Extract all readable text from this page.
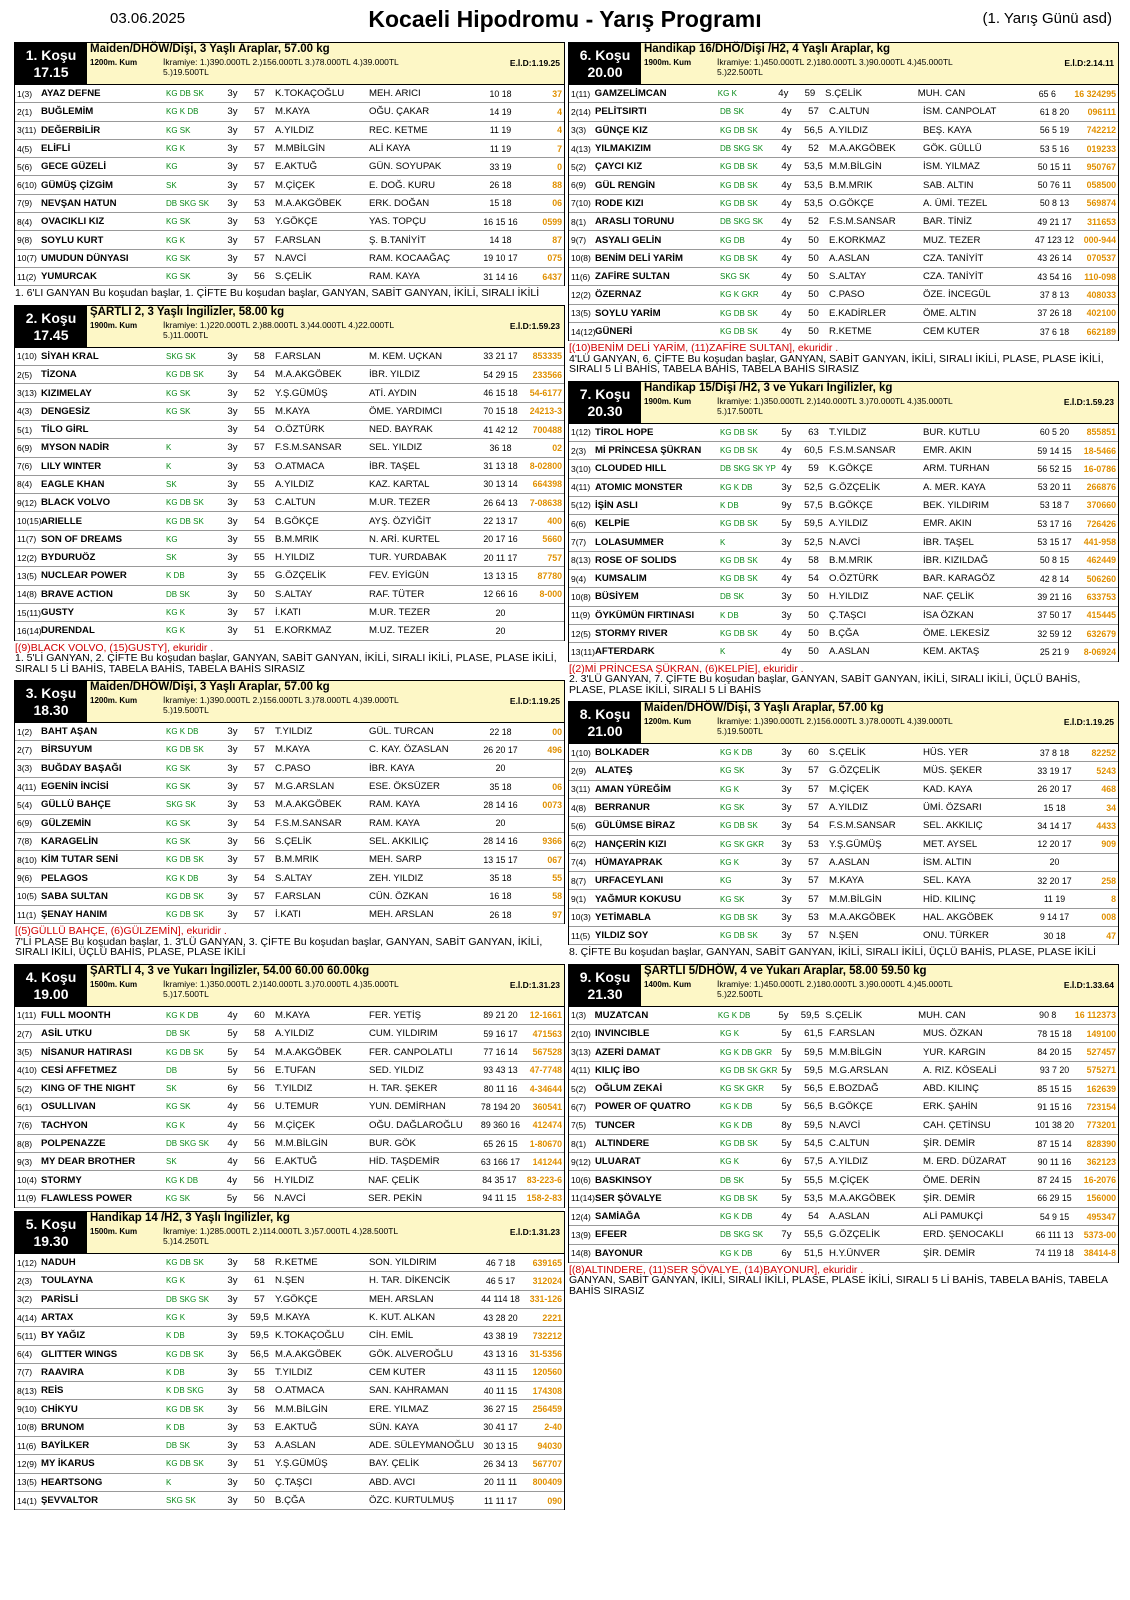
03.06.2025	Kocaeli Hipodromu - Yarış Programı	(1. Yarış Günü asd)
1. Koşu
17.15
Maiden/DHÖW/Dişi, 3 Yaşlı Araplar, 57.00 kg
1200m. Kum	İkramiye: 1.)390.000TL 2.)156.000TL 3.)78.000TL 4.)39.000TL
5.)19.500TL
E.İ.D:1.19.25
1(3) AYAZ DEFNE	KG DB SK	3y	57	K.TOKAÇOĞLU	MEH. ARICI	10 18	37
2(1) BUĞLEMİM	KG K DB	3y	57	M.KAYA	OĞU. ÇAKAR	14 19	4
3(11) DEĞERBİLİR	KG SK	3y	57	A.YILDIZ	REC. KETME	11 19	4
4(5) ELİFLİ	KG K	3y	57	M.MBİLGİN	ALİ KAYA	11 19	7
5(6) GECE GÜZELİ	KG	3y	57	E.AKTUĞ	GÜN. SOYUPAK	33 19	0
6(10) GÜMÜŞ ÇİZGİM	SK	3y	57	M.ÇİÇEK	E. DOĞ. KURU	26 18	88
7(9) NEVŞAN HATUN	DB SKG SK	3y	53	M.A.AKGÖBEK	ERK. DOĞAN	15 18	06
8(4) OVACIKLI KIZ	KG SK	3y	53	Y.GÖKÇE	YAS. TOPÇU	16 15 16	0599
9(8) SOYLU KURT	KG K	3y	57	F.ARSLAN	Ş. B.TANİYİT	14 18	87
10(7) UMUDUN DÜNYASI	KG SK	3y	57	N.AVCİ	RAM. KOCAAĞAÇ	19 10 17	075
11(2) YUMURCAK	KG SK	3y	56	S.ÇELİK	RAM. KAYA	31 14 16	6437
1. 6'LI GANYAN Bu koşudan başlar, 1. ÇİFTE Bu koşudan başlar, GANYAN, SABİT GANYAN, İKİLİ, SIRALI İKİLİ
2. Koşu
17.45
ŞARTLI 2, 3 Yaşlı İngilizler, 58.00 kg
1900m. Kum	İkramiye: 1.)220.000TL 2.)88.000TL 3.)44.000TL 4.)22.000TL
5.)11.000TL
E.İ.D:1.59.23
1(10) SİYAH KRAL	SKG SK	3y	58	F.ARSLAN	M. KEM. UÇKAN	33 21 17	853335
2(5) TİZONA	KG DB SK	3y	54	M.A.AKGÖBEK	İBR. YILDIZ	54 29 15	233566
3(13) KIZIMELAY	KG SK	3y	52	Y.Ş.GÜMÜŞ	ATİ. AYDIN	46 15 18	54-6177
4(3) DENGESİZ	KG SK	3y	55	M.KAYA	ÖME. YARDIMCI	70 15 18	24213-3
5(1) TİLO GİRL	3y	54	O.ÖZTÜRK	NED. BAYRAK	41 42 12	700488
6(9) MYSON NADİR	K	3y	57	F.S.M.SANSAR	SEL. YILDIZ	36 18	02
7(6) LILY WINTER	K	3y	53	O.ATMACA	İBR. TAŞEL	31 13 18	8-02800
8(4) EAGLE KHAN	SK	3y	55	A.YILDIZ	KAZ. KARTAL	30 13 14	664398
9(12) BLACK VOLVO	KG DB SK	3y	53	C.ALTUN	M.UR. TEZER	26 64 13	7-08638
10(15) ARIELLE	KG DB SK	3y	54	B.GÖKÇE	AYŞ. ÖZYİĞİT	22 13 17	400
11(7) SON OF DREAMS	KG	3y	55	B.M.MRIK	N. ARİ. KURTEL	20 17 16	5660
12(2) BYDURUÖZ	SK	3y	55	H.YILDIZ	TUR. YURDABAK	20 11 17	757
13(5) NUCLEAR POWER	K DB	3y	55	G.ÖZÇELİK	FEV. EYİGÜN	13 13 15	87780
14(8) BRAVE ACTION	DB SK	3y	50	S.ALTAY	RAF. TÜTER	12 66 16	8-000
15(11) GUSTY	KG K	3y	57	İ.KATI	M.UR. TEZER	20
16(14) DURENDAL	KG K	3y	51	E.KORKMAZ	M.UZ. TEZER	20
[(9)BLACK VOLVO, (15)GUSTY], ekuridir .
1. 5'Lİ GANYAN, 2. ÇİFTE Bu koşudan başlar, GANYAN, SABİT GANYAN, İKİLİ, SIRALI İKİLİ, PLASE, PLASE İKİLİ, SIRALI 5 Lİ BAHİS, TABELA BAHİS, TABELA BAHİS SIRASIZ
3. Koşu
18.30
Maiden/DHÖW/Dişi, 3 Yaşlı Araplar, 57.00 kg
1200m. Kum	İkramiye: 1.)390.000TL 2.)156.000TL 3.)78.000TL 4.)39.000TL
5.)19.500TL
E.İ.D:1.19.25
1(2) BAHT AŞAN	KG K DB	3y	57	T.YILDIZ	GÜL. TURCAN	22 18	00
2(7) BİRSUYUM	KG DB SK	3y	57	M.KAYA	C. KAY. ÖZASLAN	26 20 17	496
3(3) BUĞDAY BAŞAĞI	KG SK	3y	57	C.PASO	İBR. KAYA	20
4(11) EGENİN İNCİSİ	KG SK	3y	57	M.G.ARSLAN	ESE. ÖKSÜZER	35 18	06
5(4) GÜLLÜ BAHÇE	SKG SK	3y	53	M.A.AKGÖBEK	RAM. KAYA	28 14 16	0073
6(9) GÜLZEMİN	KG SK	3y	54	F.S.M.SANSAR	RAM. KAYA	20
7(8) KARAGELİN	KG SK	3y	56	S.ÇELİK	SEL. AKKILIÇ	28 14 16	9366
8(10) KİM TUTAR SENİ	KG DB SK	3y	57	B.M.MRIK	MEH. SARP	13 15 17	067
9(6) PELAGOS	KG K DB	3y	54	S.ALTAY	ZEH. YILDIZ	35 18	55
10(5) SABA SULTAN	KG DB SK	3y	57	F.ARSLAN	CÜN. ÖZKAN	16 18	58
11(1) ŞENAY HANIM	KG DB SK	3y	57	İ.KATI	MEH. ARSLAN	26 18	97
[(5)GÜLLÜ BAHÇE, (6)GÜLZEMİN], ekuridir .
7'Lİ PLASE Bu koşudan başlar, 1. 3'LÜ GANYAN, 3. ÇİFTE Bu koşudan başlar, GANYAN, SABİT GANYAN, İKİLİ, SIRALI İKİLİ, ÜÇLÜ BAHİS, PLASE, PLASE İKİLİ
4. Koşu
19.00
ŞARTLI 4, 3 ve Yukarı İngilizler, 54.00 60.00 60.00kg
1500m. Kum	İkramiye: 1.)350.000TL 2.)140.000TL 3.)70.000TL 4.)35.000TL
5.)17.500TL
E.İ.D:1.31.23
1(11) FULL MOONTH	KG K DB	4y	60	M.KAYA	FER. YETİŞ	89 21 20	12-1661
2(7) ASİL UTKU	DB SK	5y	58	A.YILDIZ	CUM. YILDIRIM	59 16 17	471563
3(5) NİSANUR HATIRASI	KG DB SK	5y	54	M.A.AKGÖBEK	FER. CANPOLATLI	77 16 14	567528
4(10) CESİ AFFETMEZ	DB	5y	56	E.TUFAN	SED. YILDIZ	93 43 13	47-7748
5(2) KING OF THE NIGHT	SK	6y	56	T.YILDIZ	H. TAR. ŞEKER	80 11 16	4-34644
6(1) OSULLIVAN	KG SK	4y	56	U.TEMUR	YUN. DEMİRHAN	78 194 20	360541
7(6) TACHYON	KG K	4y	56	M.ÇİÇEK	OĞU. DAĞLAROĞLU	89 360 16	412474
8(8) POLPENAZZE	DB SKG SK	4y	56	M.M.BİLGİN	BUR. GÖK	65 26 15	1-80670
9(3) MY DEAR BROTHER	SK	4y	56	E.AKTUĞ	HİD. TAŞDEMİR	63 166 17	141244
10(4) STORMY	KG K DB	4y	56	H.YILDIZ	NAF. ÇELİK	84 35 17	83-223-6
11(9) FLAWLESS POWER	KG SK	5y	56	N.AVCİ	SER. PEKİN	94 11 15	158-2-83
5. Koşu
19.30
Handikap 14 /H2, 3 Yaşlı İngilizler, kg
1500m. Kum	İkramiye: 1.)285.000TL 2.)114.000TL 3.)57.000TL 4.)28.500TL
5.)14.250TL
E.İ.D:1.31.23
1(12) NADUH	KG DB SK	3y	58	R.KETME	SON. YILDIRIM	46 7 18	639165
2(3) TOULAYNA	KG K	3y	61	N.ŞEN	H. TAR. DİKENCİK	46 5 17	312024
3(2) PARİSLİ	DB SKG SK	3y	57	Y.GÖKÇE	MEH. ARSLAN	44 114 18	331-126
4(14) ARTAX	KG K	3y	59,5 M.KAYA	K. KUT. ALKAN	43 28 20	2221
5(11) BY YAĞIZ	K DB	3y	59,5 K.TOKAÇOĞLU	CİH. EMİL	43 38 19	732212
6(4) GLITTER WINGS	KG DB SK	3y	56,5 M.A.AKGÖBEK	GÖK. ALVEROĞLU	43 13 16	31-5356
7(7) RAAVIRA	K DB	3y	55	T.YILDIZ	CEM KUTER	43 11 15	120560
8(13) REİS	K DB SKG	3y	58	O.ATMACA	SAN. KAHRAMAN	40 11 15	174308
9(10) CHİKYU	KG DB SK	3y	56	M.M.BİLGİN	ERE. YILMAZ	36 27 15	256459
10(8) BRUNOM	K DB	3y	53	E.AKTUĞ	SÜN. KAYA	30 41 17	2-40
11(6) BAYİLKER	DB SK	3y	53	A.ASLAN	ADE. SÜLEYMANOĞLU	30 13 15	94030
12(9) MY İKARUS	KG DB SK	3y	51	Y.Ş.GÜMÜŞ	BAY. ÇELİK	26 34 13	567707
13(5) HEARTSONG	K	3y	50	Ç.TAŞCI	ABD. AVCI	20 11 11	800409
14(1) ŞEVVALTOR	SKG SK	3y	50	B.ÇĞA	ÖZC. KURTULMUŞ	11 11 17	090
6. Koşu
20.00
Handikap 16/DHÖ/Dişi /H2, 4 Yaşlı Araplar, kg
1900m. Kum	İkramiye: 1.)450.000TL 2.)180.000TL 3.)90.000TL 4.)45.000TL
5.)22.500TL
E.İ.D:2.14.11
1(11) GAMZELİMCAN	KG K	4y	59	S.ÇELİK	MUH. CAN	65 6	16 324295
2(14) PELİTSIRTI	DB SK	4y	57	C.ALTUN	İSM. CANPOLAT	61 8 20	096111
3(3) GÜNÇE KIZ	KG DB SK	4y	56,5 A.YILDIZ	BEŞ. KAYA	56 5 19	742212
4(13) YILMAKIZIM	DB SKG SK	4y	52	M.A.AKGÖBEK	GÖK. GÜLLÜ	53 5 16	019233
5(2) ÇAYCI KIZ	KG DB SK	4y	53,5 M.M.BİLGİN	İSM. YILMAZ	50 15 11	950767
6(9) GÜL RENGİN	KG DB SK	4y	53,5 B.M.MRIK	SAB. ALTIN	50 76 11	058500
7(10) RODE KIZI	KG DB SK	4y	53,5 O.GÖKÇE	A. ÜMİ. TEZEL	50 8 13	569874
8(1) ARASLI TORUNU	DB SKG SK	4y	52	F.S.M.SANSAR	BAR. TİNİZ	49 21 17	311653
9(7) ASYALI GELİN	KG DB	4y	50	E.KORKMAZ	MUZ. TEZER	47 123 12	000-944
10(8) BENİM DELİ YARİM	KG DB SK	4y	50	A.ASLAN	CZA. TANİYİT	43 26 14	070537
11(6) ZAFİRE SULTAN	SKG SK	4y	50	S.ALTAY	CZA. TANİYİT	43 54 16	110-098
12(2) ÖZERNAZ	KG K GKR	4y	50	C.PASO	ÖZE. İNCEGÜL	37 8 13	408033
13(5) SOYLU YARİM	KG DB SK	4y	50	E.KADİRLER	ÖME. ALTIN	37 26 18	402100
14(12) GÜNERİ	KG DB SK	4y	50	R.KETME	CEM KUTER	37 6 18	662189
[(10)BENİM DELİ YARİM, (11)ZAFİRE SULTAN], ekuridir .
4'LÜ GANYAN, 6. ÇİFTE Bu koşudan başlar, GANYAN, SABİT GANYAN, İKİLİ, SIRALI İKİLİ, PLASE, PLASE İKİLİ, SIRALI 5 Lİ BAHİS, TABELA BAHİS, TABELA BAHİS SIRASIZ
7. Koşu
20.30
Handikap 15/Dişi /H2, 3 ve Yukarı İngilizler, kg
1900m. Kum	İkramiye: 1.)350.000TL 2.)140.000TL 3.)70.000TL 4.)35.000TL
5.)17.500TL
E.İ.D:1.59.23
1(12) TİROL HOPE	KG DB SK	5y	63	T.YILDIZ	BUR. KUTLU	60 5 20	855851
2(3) Mİ PRİNCESA ŞÜKRAN	KG DB SK	4y	60,5 F.S.M.SANSAR	EMR. AKIN	59 14 15	18-5466
3(10) CLOUDED HILL	DB SKG SK YP 4y	59	K.GÖKÇE	ARM. TURHAN	56 52 15	16-0786
4(11) ATOMIC MONSTER	KG K DB	3y	52,5 G.ÖZÇELİK	A. MER. KAYA	53 20 11	266876
5(12) İŞİN ASLI	K DB	9y	57,5 B.GÖKÇE	BEK. YILDIRIM	53 18 7	370660
6(6) KELPİE	KG DB SK	5y	59,5 A.YILDIZ	EMR. AKIN	53 17 16	726426
7(7) LOLASUMMER	K	3y	52,5 N.AVCİ	İBR. TAŞEL	53 15 17	441-958
8(13) ROSE OF SOLIDS	KG DB SK	4y	58	B.M.MRIK	İBR. KIZILDAĞ	50 8 15	462449
9(4) KUMSALIM	KG DB SK	4y	54	O.ÖZTÜRK	BAR. KARAGÖZ	42 8 14	506260
10(8) BÜSİYEM	DB SK	3y	50	H.YILDIZ	NAF. ÇELİK	39 21 16	633753
11(9) ÖYKÜMÜN FIRTINASI	K DB	3y	50	Ç.TAŞCI	İSA ÖZKAN	37 50 17	415445
12(5) STORMY RIVER	KG DB SK	4y	50	B.ÇĞA	ÖME. LEKESİZ	32 59 12	632679
13(11) AFTERDARK	K	4y	50	A.ASLAN	KEM. AKTAŞ	25 21 9	8-06924
[(2)Mİ PRİNCESA ŞÜKRAN, (6)KELPİE], ekuridir .
2. 3'LÜ GANYAN, 7. ÇİFTE Bu koşudan başlar, GANYAN, SABİT GANYAN, İKİLİ, SIRALI İKİLİ, ÜÇLÜ BAHİS, PLASE, PLASE İKİLİ, SIRALI 5 Lİ BAHİS
8. Koşu
21.00
Maiden/DHÖW/Dişi, 3 Yaşlı Araplar, 57.00 kg
1200m. Kum	İkramiye: 1.)390.000TL 2.)156.000TL 3.)78.000TL 4.)39.000TL
5.)19.500TL
E.İ.D:1.19.25
1(10) BOLKADER	KG K DB	3y	60	S.ÇELİK	HÜS. YER	37 8 18	82252
2(9) ALATEŞ	KG SK	3y	57	G.ÖZÇELİK	MÜS. ŞEKER	33 19 17	5243
3(11) AMAN YÜREĞİM	KG K	3y	57	M.ÇİÇEK	KAD. KAYA	26 20 17	468
4(8) BERRANUR	KG SK	3y	57	A.YILDIZ	ÜMİ. ÖZSARI	15 18	34
5(6) GÜLÜMSE BİRAZ	KG DB SK	3y	54	F.S.M.SANSAR	SEL. AKKILIÇ	34 14 17	4433
6(2) HANÇERİN KIZI	KG SK GKR	3y	53	Y.Ş.GÜMÜŞ	MET. AYSEL	12 20 17	909
7(4) HÜMAYAPRAK	KG K	3y	57	A.ASLAN	İSM. ALTIN	20
8(7) URFACEYLANI	KG	3y	57	M.KAYA	SEL. KAYA	32 20 17	258
9(1) YAĞMUR KOKUSU	KG SK	3y	57	M.M.BİLGİN	HİD. KILINÇ	11 19	8
10(3) YETİMABLA	KG DB SK	3y	53	M.A.AKGÖBEK	HAL. AKGÖBEK	9 14 17	008
11(5) YILDIZ SOY	KG DB SK	3y	57	N.ŞEN	ONU. TÜRKER	30 18	47
8. ÇİFTE Bu koşudan başlar, GANYAN, SABİT GANYAN, İKİLİ, SIRALI İKİLİ, ÜÇLÜ BAHİS, PLASE, PLASE İKİLİ
9. Koşu
21.30
ŞARTLI 5/DHÖW, 4 ve Yukarı Araplar, 58.00 59.50 kg
1400m. Kum	İkramiye: 1.)450.000TL 2.)180.000TL 3.)90.000TL 4.)45.000TL
5.)22.500TL
E.İ.D:1.33.64
1(3) MUZATCAN	KG K DB	5y	59,5 S.ÇELİK	MUH. CAN	90 8	16 112373
2(10) INVINCIBLE	KG K	5y	61,5 F.ARSLAN	MUS. ÖZKAN	78 15 18	149100
3(13) AZERİ DAMAT	KG K DB GKR 5y	59,5 M.M.BİLGİN	YUR. KARGIN	84 20 15	527457
4(11) KILIÇ İBO	KG DB SK GKR 5y	59,5 M.G.ARSLAN	A. RIZ. KÖSEALİ	93 7 20	575271
5(2) OĞLUM ZEKAİ	KG SK GKR	5y	56,5 E.BOZDAĞ	ABD. KILINÇ	85 15 15	162639
6(7) POWER OF QUATRO	KG K DB	5y	56,5 B.GÖKÇE	ERK. ŞAHİN	91 15 16	723154
7(5) TUNCER	KG K DB	8y	59,5 N.AVCİ	CAH. ÇETİNSU	101 38 20	773201
8(1) ALTINDERE	KG DB SK	5y	54,5 C.ALTUN	ŞİR. DEMİR	87 15 14	828390
9(12) ULUARAT	KG K	6y	57,5 A.YILDIZ	M. ERD. DÜZARAT	90 11 16	362123
10(6) BASKINSOY	DB SK	5y	55,5 M.ÇİÇEK	ÖME. DERİN	87 24 15	16-2076
11(14) SER ŞÖVALYE	KG DB SK	5y	53,5 M.A.AKGÖBEK	ŞİR. DEMİR	66 29 15	156000
12(4) SAMİAĞA	KG K DB	4y	54	A.ASLAN	ALİ PAMUKÇİ	54 9 15	495347
13(9) EFEER	DB SKG SK	7y	55,5 G.ÖZÇELİK	ERD. ŞENOCAKLI	66 111 13	5373-00
14(8) BAYONUR	KG K DB	6y	51,5 H.Y.ÜNVER	ŞİR. DEMİR	74 119 18	38414-8
[(8)ALTINDERE, (11)SER ŞÖVALYE, (14)BAYONUR], ekuridir .
GANYAN, SABİT GANYAN, İKİLİ, SIRALI İKİLİ, PLASE, PLASE İKİLİ, SIRALI 5 Lİ BAHİS, TABELA BAHİS, TABELA BAHİS SIRASIZ
